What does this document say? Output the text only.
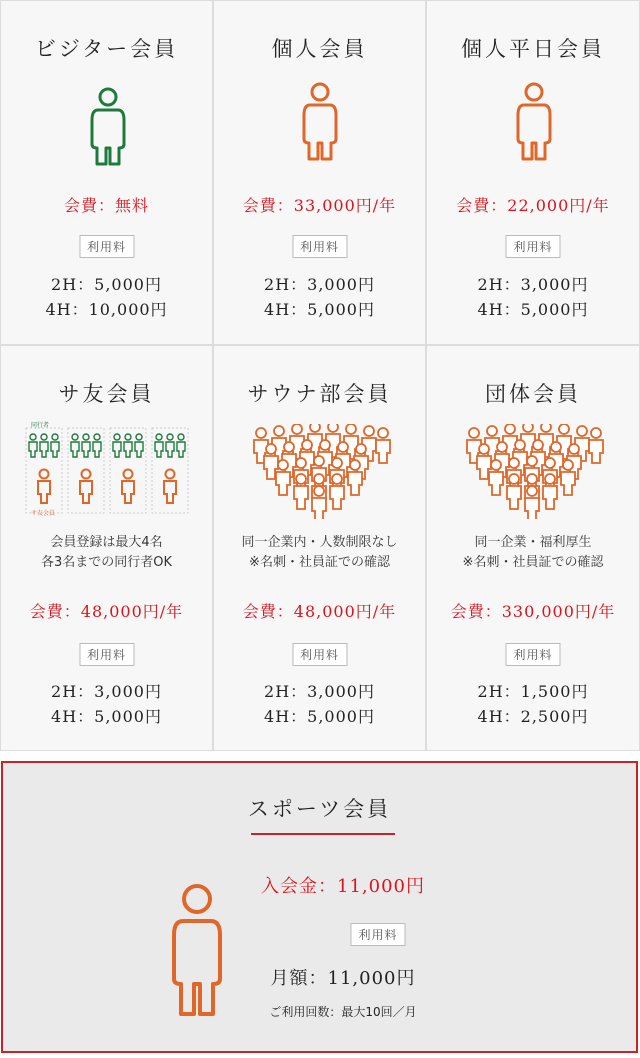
ビジター会員
会費：無料
利用料
2H：5,000円
4H：10,000円
個人会員
会費：33,000円/年
利用料
2H：3,000円
4H：5,000円
個人平日会員
会費：22,000円/年
利用料
2H：3,000円
4H：5,000円
サ友会員
同行者
サ友会員
会員登録は最大4名
各3名までの同行者OK
会費：48,000円/年
利用料
2H：3,000円
4H：5,000円
サウナ部会員
同一企業内・人数制限なし
※名刺・社員証での確認
会費：48,000円/年
利用料
2H：3,000円
4H：5,000円
団体会員
同一企業・福利厚生
※名刺・社員証での確認
会費：330,000円/年
利用料
2H：1,500円
4H：2,500円
スポーツ会員
入会金：11,000円
利用料
月額：11,000円
ご利用回数：最大10回／月
